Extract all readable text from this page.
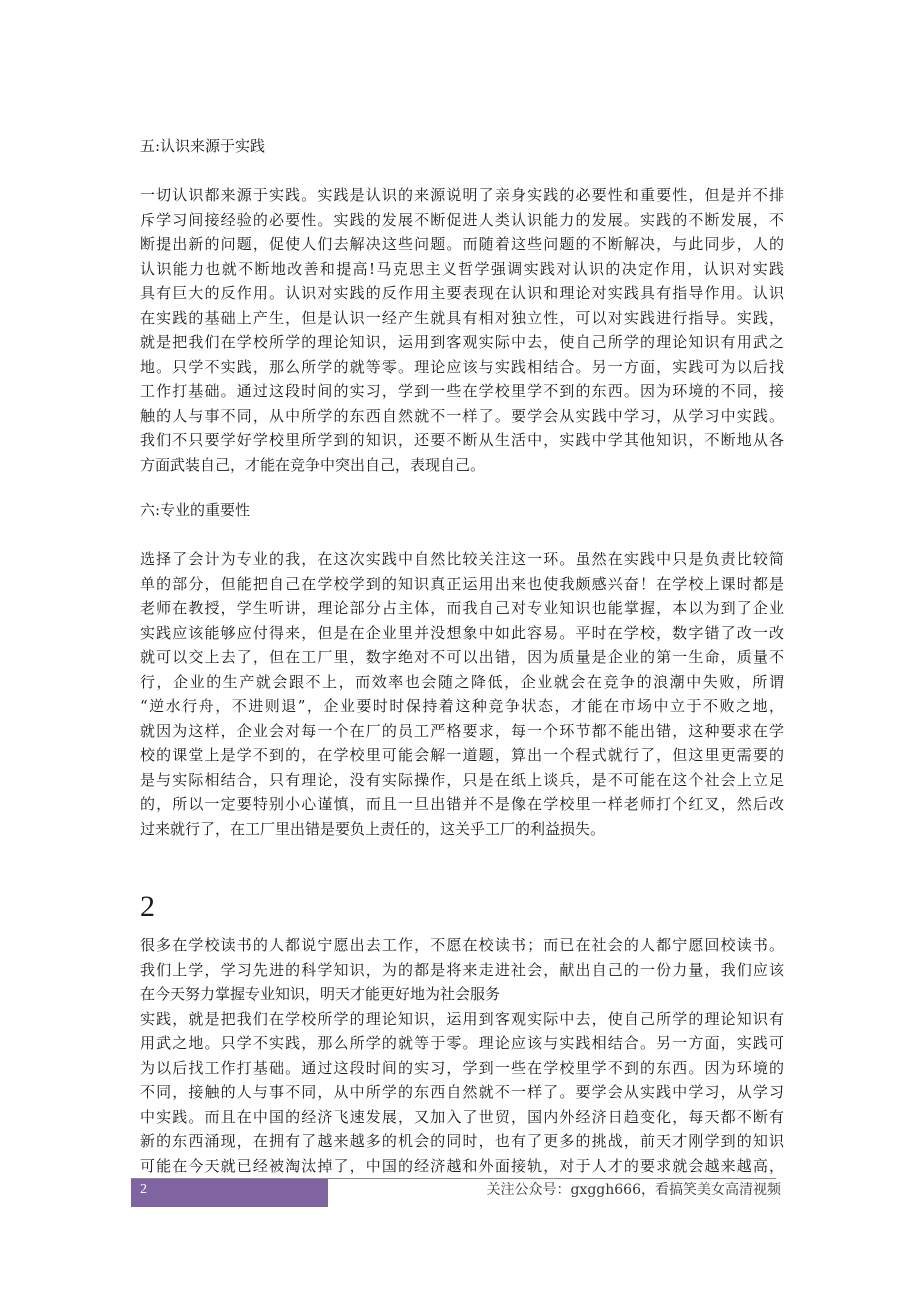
五:认识来源于实践
一切认识都来源于实践。实践是认识的来源说明了亲身实践的必要性和重要性，但是并不排
斥学习间接经验的必要性。实践的发展不断促进人类认识能力的发展。实践的不断发展，不
断提出新的问题，促使人们去解决这些问题。而随着这些问题的不断解决，与此同步，人的
认识能力也就不断地改善和提高!马克思主义哲学强调实践对认识的决定作用，认识对实践
具有巨大的反作用。认识对实践的反作用主要表现在认识和理论对实践具有指导作用。认识
在实践的基础上产生，但是认识一经产生就具有相对独立性，可以对实践进行指导。实践，
就是把我们在学校所学的理论知识，运用到客观实际中去，使自己所学的理论知识有用武之
地。只学不实践，那么所学的就等零。理论应该与实践相结合。另一方面，实践可为以后找
工作打基础。通过这段时间的实习，学到一些在学校里学不到的东西。因为环境的不同，接
触的人与事不同，从中所学的东西自然就不一样了。要学会从实践中学习，从学习中实践。
我们不只要学好学校里所学到的知识，还要不断从生活中，实践中学其他知识，不断地从各
方面武装自己，才能在竞争中突出自己，表现自己。
六:专业的重要性
选择了会计为专业的我，在这次实践中自然比较关注这一环。虽然在实践中只是负责比较简
单的部分，但能把自己在学校学到的知识真正运用出来也使我颇感兴奋！在学校上课时都是
老师在教授，学生听讲，理论部分占主体，而我自己对专业知识也能掌握，本以为到了企业
实践应该能够应付得来，但是在企业里并没想象中如此容易。平时在学校，数字错了改一改
就可以交上去了，但在工厂里，数字绝对不可以出错，因为质量是企业的第一生命，质量不
行，企业的生产就会跟不上，而效率也会随之降低，企业就会在竞争的浪潮中失败，所谓
“逆水行舟，不进则退”，企业要时时保持着这种竞争状态，才能在市场中立于不败之地，
就因为这样，企业会对每一个在厂的员工严格要求，每一个环节都不能出错，这种要求在学
校的课堂上是学不到的，在学校里可能会解一道题，算出一个程式就行了，但这里更需要的
是与实际相结合，只有理论，没有实际操作，只是在纸上谈兵，是不可能在这个社会上立足
的，所以一定要特别小心谨慎，而且一旦出错并不是像在学校里一样老师打个红叉，然后改
过来就行了，在工厂里出错是要负上责任的，这关乎工厂的利益损失。
2
很多在学校读书的人都说宁愿出去工作，不愿在校读书；而已在社会的人都宁愿回校读书。
我们上学，学习先进的科学知识，为的都是将来走进社会，献出自己的一份力量，我们应该
在今天努力掌握专业知识，明天才能更好地为社会服务
实践，就是把我们在学校所学的理论知识，运用到客观实际中去，使自己所学的理论知识有
用武之地。只学不实践，那么所学的就等于零。理论应该与实践相结合。另一方面，实践可
为以后找工作打基础。通过这段时间的实习，学到一些在学校里学不到的东西。因为环境的
不同，接触的人与事不同，从中所学的东西自然就不一样了。要学会从实践中学习，从学习
中实践。而且在中国的经济飞速发展，又加入了世贸，国内外经济日趋变化，每天都不断有
新的东西涌现，在拥有了越来越多的机会的同时，也有了更多的挑战，前天才刚学到的知识
可能在今天就已经被淘汰掉了，中国的经济越和外面接轨，对于人才的要求就会越来越高，
2	关注公众号：gxggh666，看搞笑美女高清视频
